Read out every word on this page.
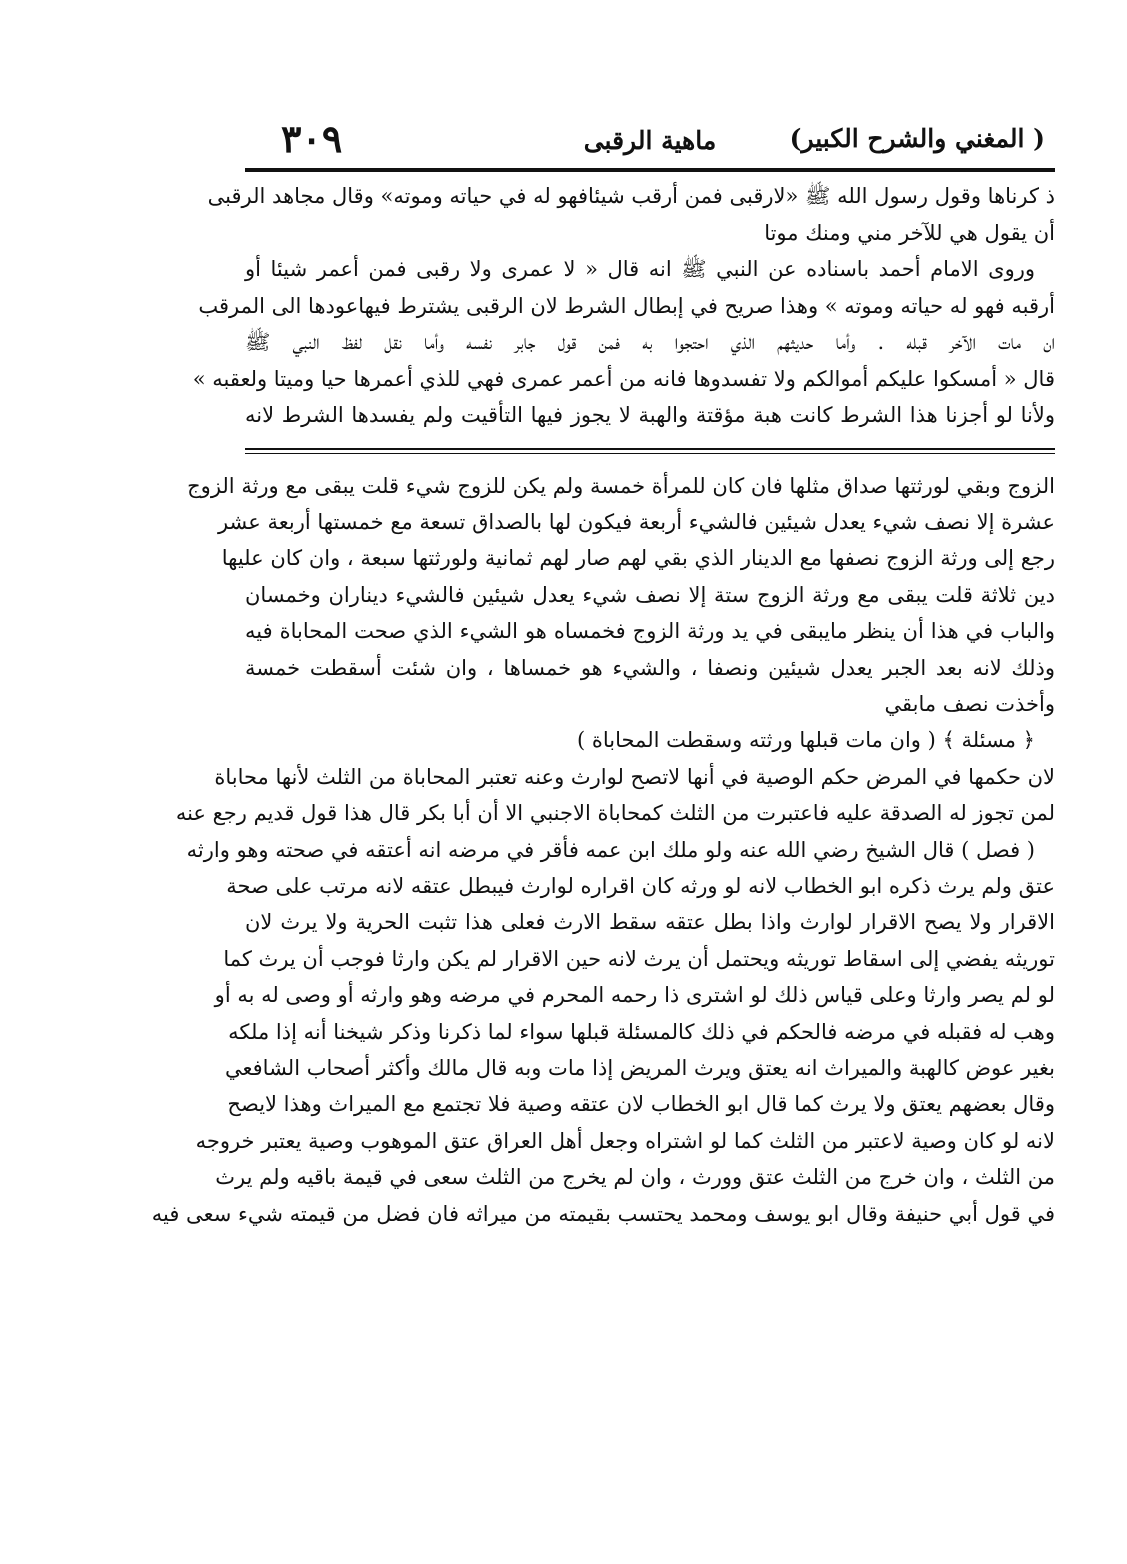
( المغني والشرح الكبير)
ماهية الرقبى
٣٠٩
ذ كرناها وقول رسول الله ﷺ «لارقبى فمن أرقب شيئافهو له في حياته وموته» وقال مجاهد الرقبى
أن يقول هي للآخر مني ومنك موتا
وروى الامام أحمد باسناده عن النبي ﷺ انه قال « لا عمرى ولا رقبى فمن أعمر شيئا أو
أرقبه فهو له حياته وموته » وهذا صريح في إبطال الشرط لان الرقبى يشترط فيهاعودها الى المرقب
ان مات الآخر قبله . وأما حديثهم الذي احتجوا به فمن قول جابر نفسه وأما نقل لفظ النبي ﷺ
قال « أمسكوا عليكم أموالكم ولا تفسدوها فانه من أعمر عمرى فهي للذي أعمرها حيا وميتا ولعقبه »
ولأنا لو أجزنا هذا الشرط كانت هبة مؤقتة والهبة لا يجوز فيها التأقيت ولم يفسدها الشرط لانه
الزوج وبقي لورثتها صداق مثلها فان كان للمرأة خمسة ولم يكن للزوج شيء قلت يبقى مع ورثة الزوج
عشرة إلا نصف شيء يعدل شيئين فالشيء أربعة فيكون لها بالصداق تسعة مع خمستها أربعة عشر
رجع إلى ورثة الزوج نصفها مع الدينار الذي بقي لهم صار لهم ثمانية ولورثتها سبعة ، وان كان عليها
دين ثلاثة قلت يبقى مع ورثة الزوج ستة إلا نصف شيء يعدل شيئين فالشيء ديناران وخمسان
والباب في هذا أن ينظر مايبقى في يد ورثة الزوج فخمساه هو الشيء الذي صحت المحاباة فيه
وذلك لانه بعد الجبر يعدل شيئين ونصفا ، والشيء هو خمساها ، وان شئت أسقطت خمسة
وأخذت نصف مابقي
﴿ مسئلة ﴾ ( وان مات قبلها ورثته وسقطت المحاباة )
لان حكمها في المرض حكم الوصية في أنها لاتصح لوارث وعنه تعتبر المحاباة من الثلث لأنها محاباة
لمن تجوز له الصدقة عليه فاعتبرت من الثلث كمحاباة الاجنبي الا أن أبا بكر قال هذا قول قديم رجع عنه
( فصل ) قال الشيخ رضي الله عنه ولو ملك ابن عمه فأقر في مرضه انه أعتقه في صحته وهو وارثه
عتق ولم يرث ذكره ابو الخطاب لانه لو ورثه كان اقراره لوارث فيبطل عتقه لانه مرتب على صحة
الاقرار ولا يصح الاقرار لوارث واذا بطل عتقه سقط الارث فعلى هذا تثبت الحرية ولا يرث لان
توريثه يفضي إلى اسقاط توريثه ويحتمل أن يرث لانه حين الاقرار لم يكن وارثا فوجب أن يرث كما
لو لم يصر وارثا وعلى قياس ذلك لو اشترى ذا رحمه المحرم في مرضه وهو وارثه أو وصى له به أو
وهب له فقبله في مرضه فالحكم في ذلك كالمسئلة قبلها سواء لما ذكرنا وذكر شيخنا أنه إذا ملكه
بغير عوض كالهبة والميراث انه يعتق ويرث المريض إذا مات وبه قال مالك وأكثر أصحاب الشافعي
وقال بعضهم يعتق ولا يرث كما قال ابو الخطاب لان عتقه وصية فلا تجتمع مع الميراث وهذا لايصح
لانه لو كان وصية لاعتبر من الثلث كما لو اشتراه وجعل أهل العراق عتق الموهوب وصية يعتبر خروجه
من الثلث ، وان خرج من الثلث عتق وورث ، وان لم يخرج من الثلث سعى في قيمة باقيه ولم يرث
في قول أبي حنيفة وقال ابو يوسف ومحمد يحتسب بقيمته من ميراثه فان فضل من قيمته شيء سعى فيه
